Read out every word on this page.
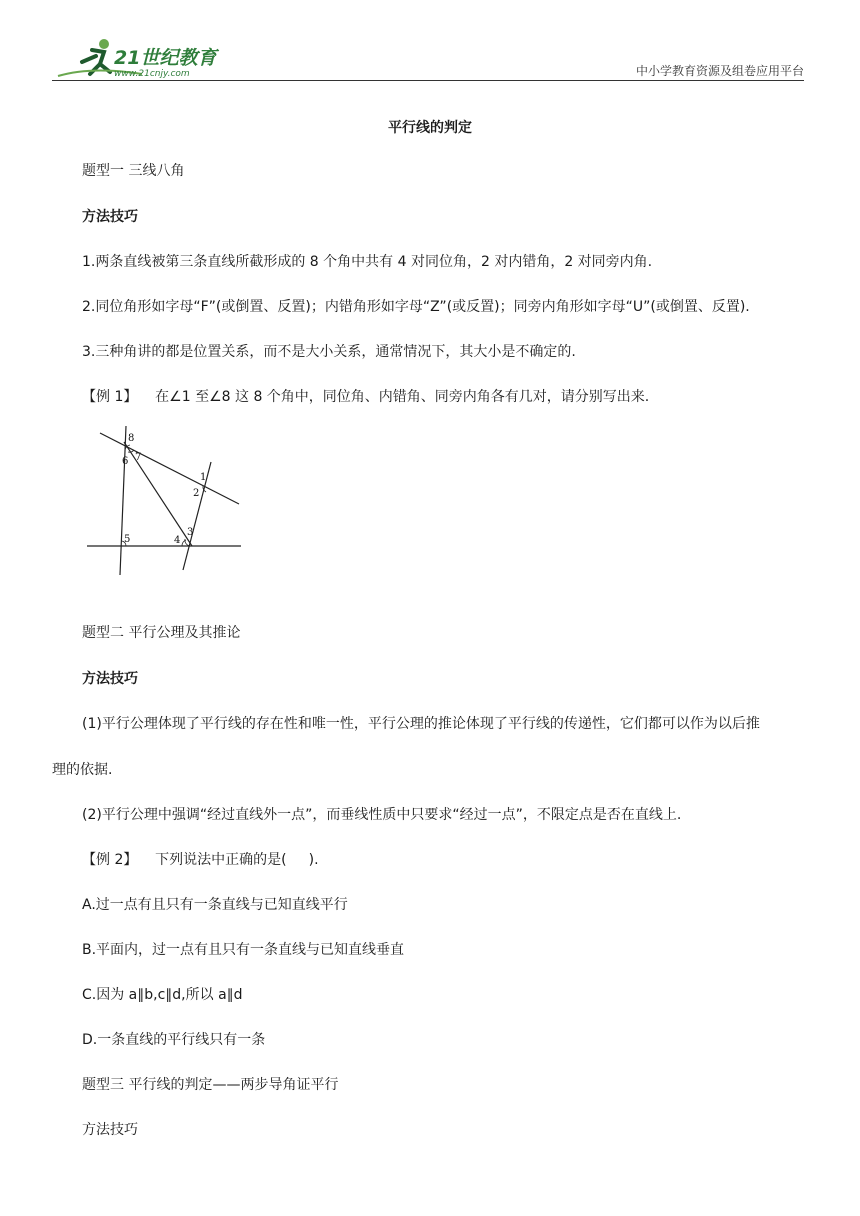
21世纪教育
www.21cnjy.com	中小学教育资源及组卷应用平台
平行线的判定
题型一 三线八角
方法技巧
1.两条直线被第三条直线所截形成的 8 个角中共有 4 对同位角，2 对内错角，2 对同旁内角.
2.同位角形如字母“F”(或倒置、反置)；内错角形如字母“Z”(或反置)；同旁内角形如字母“U”(或倒置、反置).
3.三种角讲的都是位置关系，而不是大小关系，通常情况下，其大小是不确定的.
【例 1】 在∠1 至∠8 这 8 个角中，同位角、内错角、同旁内角各有几对，请分别写出来.
8
6 7
1
2
3
4
5
题型二 平行公理及其推论
方法技巧
(1)平行公理体现了平行线的存在性和唯一性，平行公理的推论体现了平行线的传递性，它们都可以作为以后推
理的依据.
(2)平行公理中强调“经过直线外一点”，而垂线性质中只要求“经过一点”，不限定点是否在直线上.
【例 2】 下列说法中正确的是( ).
A.过一点有且只有一条直线与已知直线平行
B.平面内，过一点有且只有一条直线与已知直线垂直
C.因为 a∥b,c∥d,所以 a∥d
D.一条直线的平行线只有一条
题型三 平行线的判定——两步导角证平行
方法技巧
